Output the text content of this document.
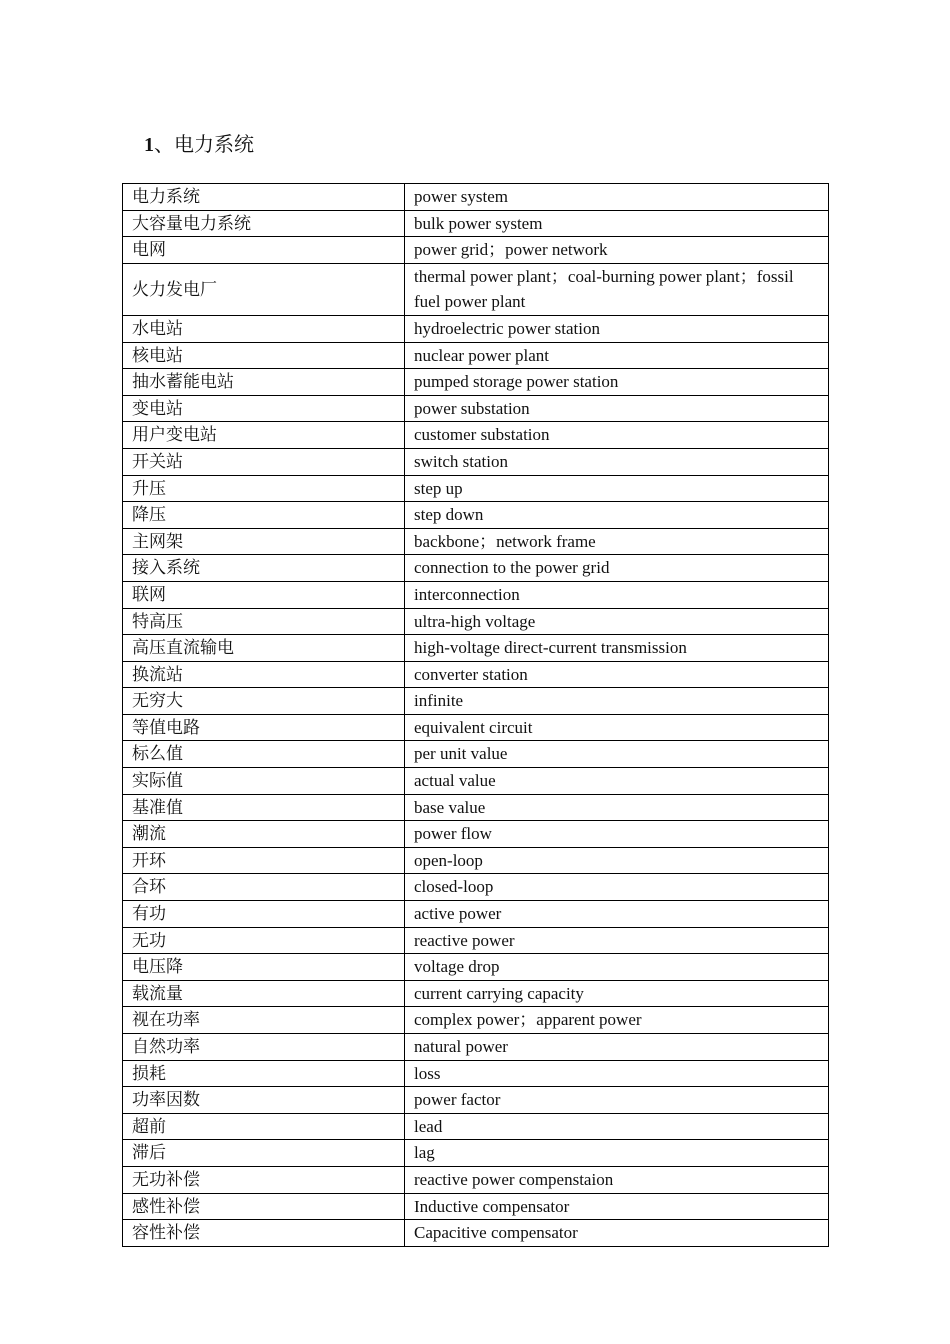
1、电力系统
电力系统	power system
大容量电力系统	bulk power system
电网	power grid；power network
火力发电厂	thermal power plant；coal-burning power plant；fossil fuel power plant
水电站	hydroelectric power station
核电站	nuclear power plant
抽水蓄能电站	pumped storage power station
变电站	power substation
用户变电站	customer substation
开关站	switch station
升压	step up
降压	step down
主网架	backbone；network frame
接入系统	connection to the power grid
联网	interconnection
特高压	ultra-high voltage
高压直流输电	high-voltage direct-current transmission
换流站	converter station
无穷大	infinite
等值电路	equivalent circuit
标么值	per unit value
实际值	actual value
基准值	base value
潮流	power flow
开环	open-loop
合环	closed-loop
有功	active power
无功	reactive power
电压降	voltage drop
载流量	current carrying capacity
视在功率	complex power；apparent power
自然功率	natural power
损耗	loss
功率因数	power factor
超前	lead
滞后	lag
无功补偿	reactive power compenstaion
感性补偿	Inductive compensator
容性补偿	Capacitive compensator
